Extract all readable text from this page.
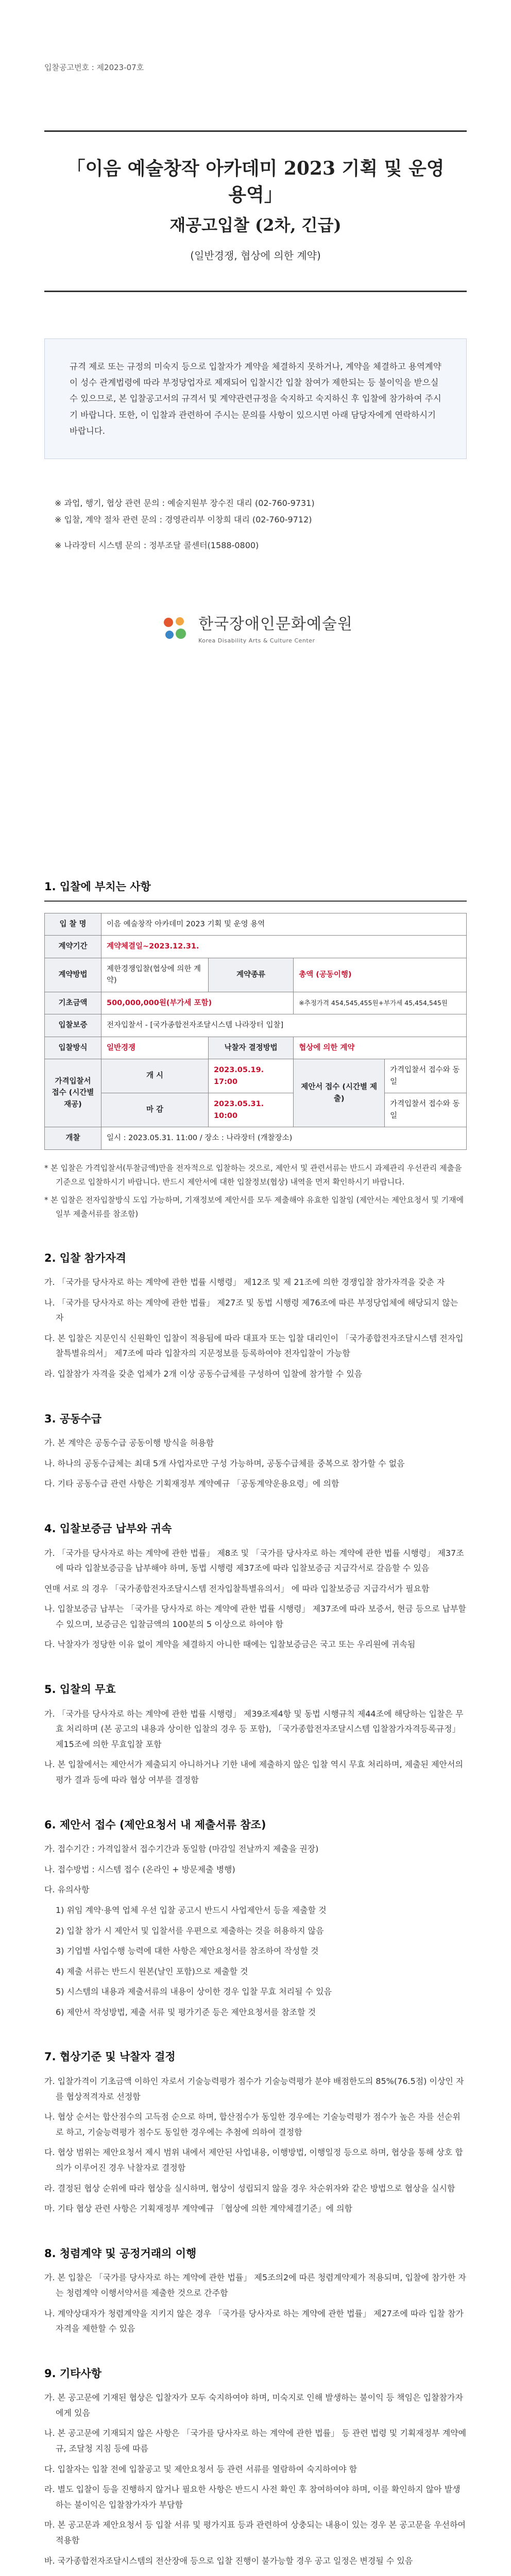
입찰공고번호 : 제2023-07호
「이음 예술창작 아카데미 2023 기획 및 운영 용역」
재공고입찰 (2차, 긴급)
(일반경쟁, 협상에 의한 계약)
규격 제로 또는 규정의 미숙지 등으로 입찰자가 계약을 체결하지 못하거나, 계약을 체결하고 용역계약이 성수 관계법령에 따라 부정당업자로 제재되어 입찰시간 입찰 참여가 제한되는 등 불이익을 받으실 수 있으므로, 본 입찰공고서의 규격서 및 계약관련규정을 숙지하고 숙지하신 후 입찰에 참가하여 주시기 바랍니다. 또한, 이 입찰과 관련하여 주시는 문의를 사항이 있으시면 아래 담당자에게 연락하시기 바랍니다.
※ 과업, 행기, 협상 관련 문의 : 예술지원부 장수진 대리 (02-760-9731)
※ 입찰, 계약 절차 관련 문의 : 경영관리부 이창희 대리 (02-760-9712)
※ 나라장터 시스템 문의 : 정부조달 콜센터(1588-0800)
한국장애인문화예술원
Korea Disability Arts & Culture Center
1. 입찰에 부치는 사항
입 찰 명	이음 예술창작 아카데미 2023 기획 및 운영 용역			
계약기간	계약체결일~2023.12.31.			
계약방법	제한경쟁입찰(협상에 의한 계약)	계약종류	총액 (공동이행)	
기초금액	500,000,000원(부가세 포함)		※추정가격 454,545,455원+부가세 45,454,545원	
입찰보증	전자입찰서 - [국가종합전자조달시스템 나라장터 입찰]			
입찰방식	일반경쟁	낙찰자 결정방법	협상에 의한 계약	
가격입찰서 접수 (시간별 재공)	개 시	2023.05.19. 17:00	제안서 접수 (시간별 제출)	가격입찰서 접수와 동일
	마 감	2023.05.31. 10:00		가격입찰서 접수와 동일
개찰	일시 : 2023.05.31. 11:00 / 장소 : 나라장터 (개찰장소)			

* 본 입찰은 가격입찰서(투찰금액)만을 전자적으로 입찰하는 것으로, 제안서 및 관련서류는 반드시 과제관리 우선관리 제출을 기준으로 입찰하시기 바랍니다. 반드시 제안서에 대한 입찰정보(협상) 내역을 먼저 확인하시기 바랍니다.

* 본 입찰은 전자입찰방식 도입 가능하며, 기재정보에 제안서를 모두 제출해야 유효한 입찰임 (제안서는 제안요청서 및 기재에 일부 제출서류를 참조함)

2. 입찰 참가자격

가. 「국가를 당사자로 하는 계약에 관한 법률 시행령」 제12조 및 제 21조에 의한 경쟁입찰 참가자격을 갖춘 자

나. 「국가를 당사자로 하는 계약에 관한 법률」 제27조 및 동법 시행령 제76조에 따른 부정당업체에 해당되지 않는 자

다. 본 입찰은 지문인식 신원확인 입찰이 적용됨에 따라 대표자 또는 입찰 대리인이 「국가종합전자조달시스템 전자입찰특별유의서」 제7조에 따라 입찰자의 지문정보를 등록하여야 전자입찰이 가능함

라. 입찰참가 자격을 갖춘 업체가 2개 이상 공동수급체를 구성하여 입찰에 참가할 수 있음

3. 공동수급

가. 본 계약은 공동수급 공동이행 방식을 허용함

나. 하나의 공동수급체는 최대 5개 사업자로만 구성 가능하며, 공동수급체를 중복으로 참가할 수 없음

다. 기타 공동수급 관련 사항은 기획재정부 계약예규 「공동계약운용요령」에 의함

4. 입찰보증금 납부와 귀속

가. 「국가를 당사자로 하는 계약에 관한 법률」 제8조 및 「국가를 당사자로 하는 계약에 관한 법률 시행령」 제37조에 따라 입찰보증금을 납부해야 하며, 동법 시행령 제37조에 따라 입찰보증금 지급각서로 갈음할 수 있음

연매 서로 의 경우 「국가종합전자조달시스템 전자입찰특별유의서」 에 따라 입찰보증금 지급각서가 필요함

나. 입찰보증금 납부는 「국가를 당사자로 하는 계약에 관한 법률 시행령」 제37조에 따라 보증서, 현금 등으로 납부할 수 있으며, 보증금은 입찰금액의 100분의 5 이상으로 하여야 함

다. 낙찰자가 정당한 이유 없이 계약을 체결하지 아니한 때에는 입찰보증금은 국고 또는 우리원에 귀속됨

5. 입찰의 무효

가. 「국가를 당사자로 하는 계약에 관한 법률 시행령」 제39조제4항 및 동법 시행규칙 제44조에 해당하는 입찰은 무효 처리하며 (본 공고의 내용과 상이한 입찰의 경우 등 포함), 「국가종합전자조달시스템 입찰참가자격등록규정」 제15조에 의한 무효입찰 포함

나. 본 입찰에서는 제안서가 제출되지 아니하거나 기한 내에 제출하지 않은 입찰 역시 무효 처리하며, 제출된 제안서의 평가 결과 등에 따라 협상 여부를 결정함

6. 제안서 접수 (제안요청서 내 제출서류 참조)

가. 접수기간 : 가격입찰서 접수기간과 동일함 (마감일 전날까지 제출을 권장)

나. 접수방법 : 시스템 접수 (온라인 + 방문제출 병행)

다. 유의사항

1) 위임 계약·용역 업체 우선 입찰 공고시 반드시 사업제안서 등을 제출할 것

2) 입찰 참가 시 제안서 및 입찰서를 우편으로 제출하는 것을 허용하지 않음

3) 기업별 사업수행 능력에 대한 사항은 제안요청서를 참조하여 작성할 것

4) 제출 서류는 반드시 원본(날인 포함)으로 제출할 것

5) 시스템의 내용과 제출서류의 내용이 상이한 경우 입찰 무효 처리될 수 있음

6) 제안서 작성방법, 제출 서류 및 평가기준 등은 제안요청서를 참조할 것

7. 협상기준 및 낙찰자 결정

가. 입찰가격이 기초금액 이하인 자로서 기술능력평가 점수가 기술능력평가 분야 배점한도의 85%(76.5점) 이상인 자를 협상적격자로 선정함

나. 협상 순서는 합산점수의 고득점 순으로 하며, 합산점수가 동일한 경우에는 기술능력평가 점수가 높은 자를 선순위로 하고, 기술능력평가 점수도 동일한 경우에는 추첨에 의하여 결정함

다. 협상 범위는 제안요청서 제시 범위 내에서 제안된 사업내용, 이행방법, 이행일정 등으로 하며, 협상을 통해 상호 합의가 이루어진 경우 낙찰자로 결정함

라. 결정된 협상 순위에 따라 협상을 실시하며, 협상이 성립되지 않을 경우 차순위자와 같은 방법으로 협상을 실시함

마. 기타 협상 관련 사항은 기획재정부 계약예규 「협상에 의한 계약체결기준」에 의함

8. 청렴계약 및 공정거래의 이행

가. 본 입찰은 「국가를 당사자로 하는 계약에 관한 법률」 제5조의2에 따른 청렴계약제가 적용되며, 입찰에 참가한 자는 청렴계약 이행서약서를 제출한 것으로 간주함

나. 계약상대자가 청렴계약을 지키지 않은 경우 「국가를 당사자로 하는 계약에 관한 법률」 제27조에 따라 입찰 참가자격을 제한할 수 있음

9. 기타사항

가. 본 공고문에 기재된 협상은 입찰자가 모두 숙지하여야 하며, 미숙지로 인해 발생하는 불이익 등 책임은 입찰참가자에게 있음

나. 본 공고문에 기재되지 않은 사항은 「국가를 당사자로 하는 계약에 관한 법률」 등 관련 법령 및 기획재정부 계약예규, 조달청 지침 등에 따름

다. 입찰자는 입찰 전에 입찰공고 및 제안요청서 등 관련 서류를 열람하여 숙지하여야 함

라. 별도 입찰이 등을 진행하지 않거나 필요한 사항은 반드시 사전 확인 후 참여하여야 하며, 이를 확인하지 않아 발생하는 불이익은 입찰참가자가 부담함

마. 본 공고문과 제안요청서 등 입찰 서류 및 평가지표 등과 관련하여 상충되는 내용이 있는 경우 본 공고문을 우선하여 적용함

바. 국가종합전자조달시스템의 전산장애 등으로 입찰 진행이 불가능할 경우 공고 일정은 변경될 수 있음
